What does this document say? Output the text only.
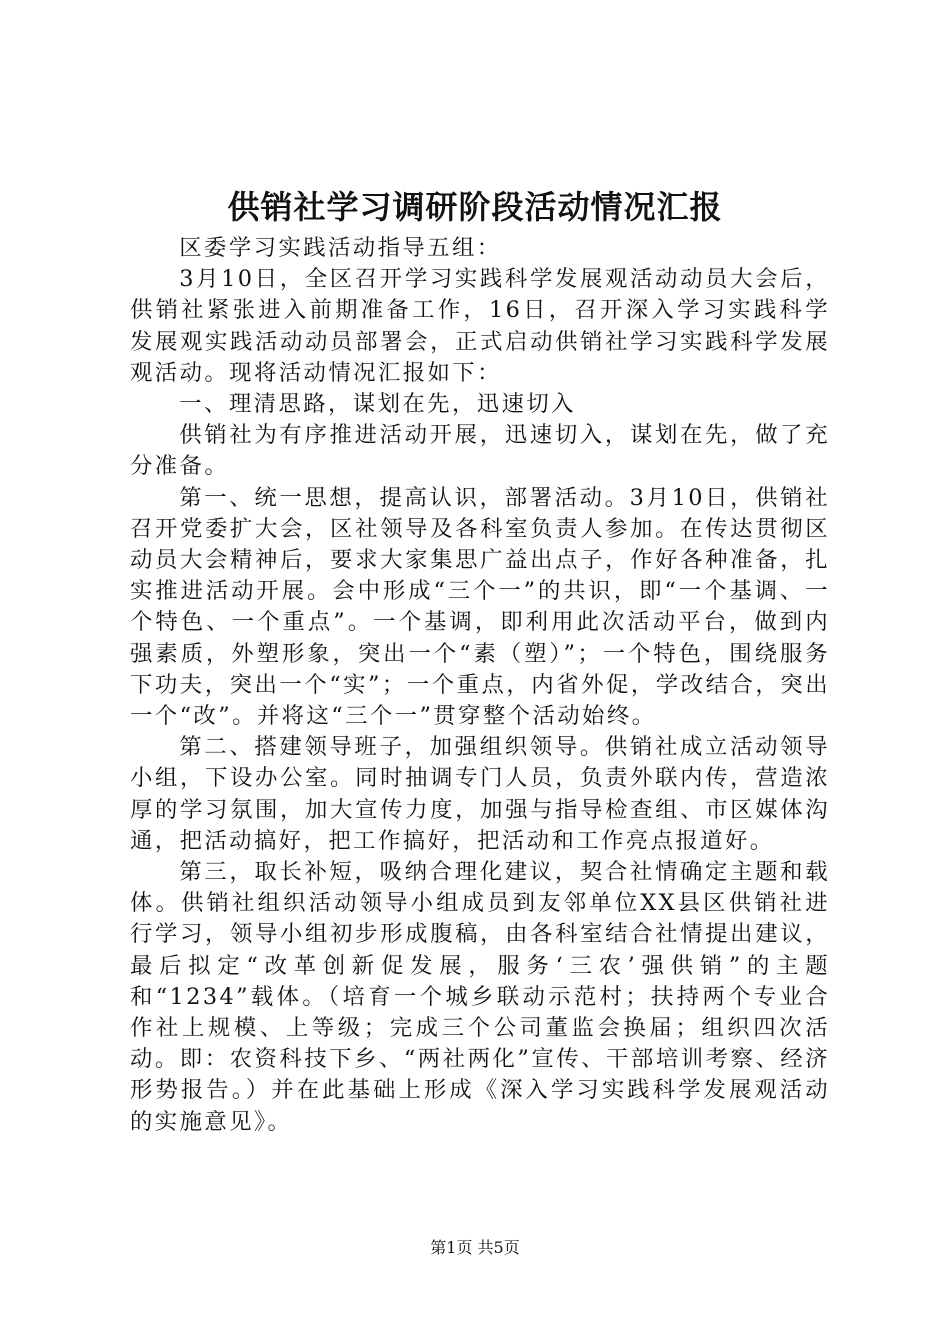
供销社学习调研阶段活动情况汇报

区委学习实践活动指导五组：

3月10日，全区召开学习实践科学发展观活动动员大会后，供销社紧张进入前期准备工作，16日，召开深入学习实践科学发展观实践活动动员部署会，正式启动供销社学习实践科学发展观活动。现将活动情况汇报如下：

一、理清思路，谋划在先，迅速切入

供销社为有序推进活动开展，迅速切入，谋划在先，做了充分准备。

第一、统一思想，提高认识，部署活动。3月10日，供销社召开党委扩大会，区社领导及各科室负责人参加。在传达贯彻区动员大会精神后，要求大家集思广益出点子，作好各种准备，扎实推进活动开展。会中形成“三个一”的共识，即“一个基调、一个特色、一个重点”。一个基调，即利用此次活动平台，做到内强素质，外塑形象，突出一个“素（塑）”；一个特色，围绕服务下功夫，突出一个“实”；一个重点，内省外促，学改结合，突出一个“改”。并将这“三个一”贯穿整个活动始终。

第二、搭建领导班子，加强组织领导。供销社成立活动领导小组，下设办公室。同时抽调专门人员，负责外联内传，营造浓厚的学习氛围，加大宣传力度，加强与指导检查组、市区媒体沟通，把活动搞好，把工作搞好，把活动和工作亮点报道好。

第三，取长补短，吸纳合理化建议，契合社情确定主题和载体。供销社组织活动领导小组成员到友邻单位XX县区供销社进行学习，领导小组初步形成腹稿，由各科室结合社情提出建议，最后拟定“改革创新促发展，服务‘三农’强供销”的主题和“1234”载体。（培育一个城乡联动示范村；扶持两个专业合作社上规模、上等级；完成三个公司董监会换届；组织四次活动。即：农资科技下乡、“两社两化”宣传、干部培训考察、经济形势报告。）并在此基础上形成《深入学习实践科学发展观活动的实施意见》。

第1页 共5页
